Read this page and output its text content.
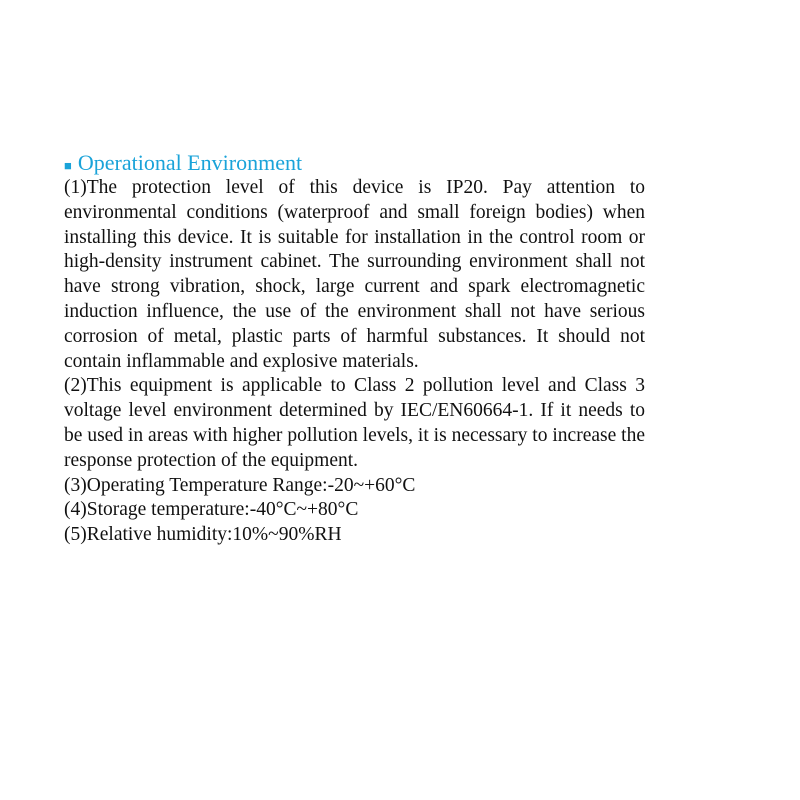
■ Operational Environment

(1)The protection level of this device is IP20. Pay attention to environmental conditions (waterproof and small foreign bodies) when installing this device. It is suitable for installation in the control room or high-density instrument cabinet. The surrounding environment shall not have strong vibration, shock, large current and spark electromagnetic induction influence, the use of the environment shall not have serious corrosion of metal, plastic parts of harmful substances. It should not contain inflammable and explosive materials.

(2)This equipment is applicable to Class 2 pollution level and Class 3 voltage level environment determined by IEC/EN60664-1. If it needs to be used in areas with higher pollution levels, it is necessary to increase the response protection of the equipment.

(3)Operating Temperature Range:-20~+60°C

(4)Storage temperature:-40°C~+80°C

(5)Relative humidity:10%~90%RH
